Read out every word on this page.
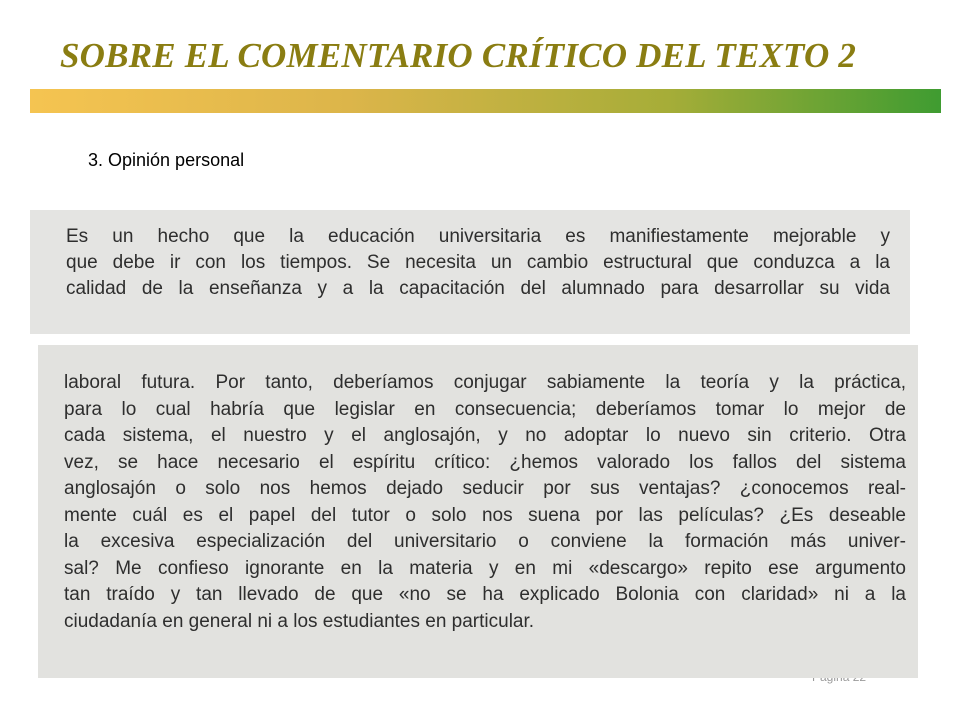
SOBRE EL COMENTARIO CRÍTICO DEL TEXTO 2
3. Opinión personal
Es un hecho que la educación universitaria es manifiestamente mejorable y
que debe ir con los tiempos. Se necesita un cambio estructural que conduzca a la
calidad de la enseñanza y a la capacitación del alumnado para desarrollar su vida
laboral futura. Por tanto, deberíamos conjugar sabiamente la teoría y la práctica,
para lo cual habría que legislar en consecuencia; deberíamos tomar lo mejor de
cada sistema, el nuestro y el anglosajón, y no adoptar lo nuevo sin criterio. Otra
vez, se hace necesario el espíritu crítico: ¿hemos valorado los fallos del sistema
anglosajón o solo nos hemos dejado seducir por sus ventajas? ¿conocemos real-
mente cuál es el papel del tutor o solo nos suena por las películas? ¿Es deseable
la excesiva especialización del universitario o conviene la formación más univer-
sal? Me confieso ignorante en la materia y en mi «descargo» repito ese argumento
tan traído y tan llevado de que «no se ha explicado Bolonia con claridad» ni a la
ciudadanía en general ni a los estudiantes en particular.
